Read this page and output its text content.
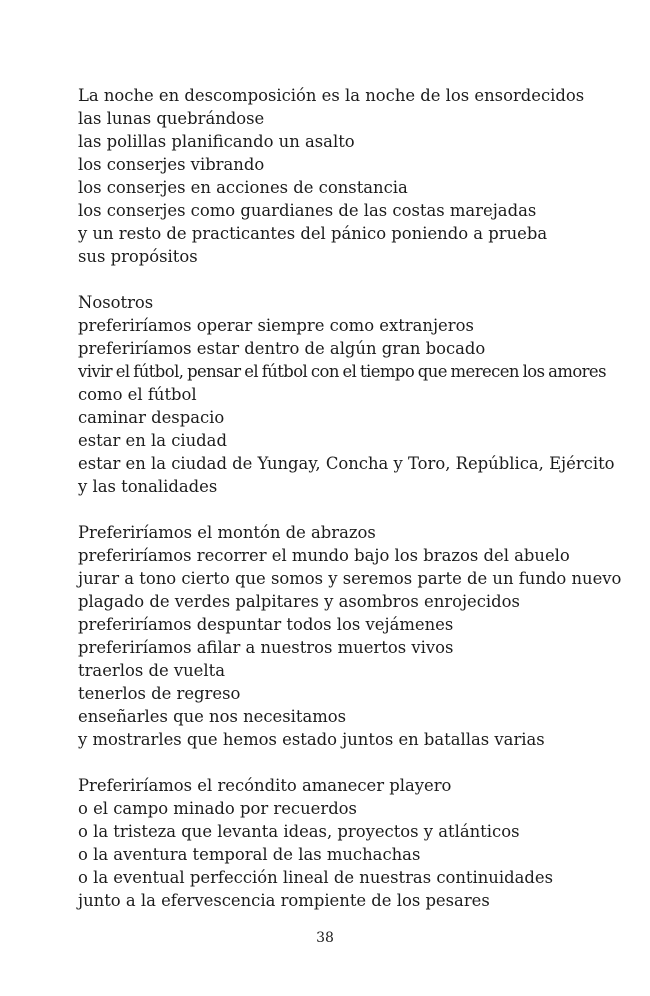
La noche en descomposición es la noche de los ensordecidos
las lunas quebrándose
las polillas planificando un asalto
los conserjes vibrando
los conserjes en acciones de constancia
los conserjes como guardianes de las costas marejadas
y un resto de practicantes del pánico poniendo a prueba
sus propósitos
Nosotros
preferiríamos operar siempre como extranjeros
preferiríamos estar dentro de algún gran bocado
vivir el fútbol, pensar el fútbol con el tiempo que merecen los amores
como el fútbol
caminar despacio
estar en la ciudad
estar en la ciudad de Yungay, Concha y Toro, República, Ejército
y las tonalidades
Preferiríamos el montón de abrazos
preferiríamos recorrer el mundo bajo los brazos del abuelo
jurar a tono cierto que somos y seremos parte de un fundo nuevo
plagado de verdes palpitares y asombros enrojecidos
preferiríamos despuntar todos los vejámenes
preferiríamos afilar a nuestros muertos vivos
traerlos de vuelta
tenerlos de regreso
enseñarles que nos necesitamos
y mostrarles que hemos estado juntos en batallas varias
Preferiríamos el recóndito amanecer playero
o el campo minado por recuerdos
o la tristeza que levanta ideas, proyectos y atlánticos
o la aventura temporal de las muchachas
o la eventual perfección lineal de nuestras continuidades
junto a la efervescencia rompiente de los pesares
38
